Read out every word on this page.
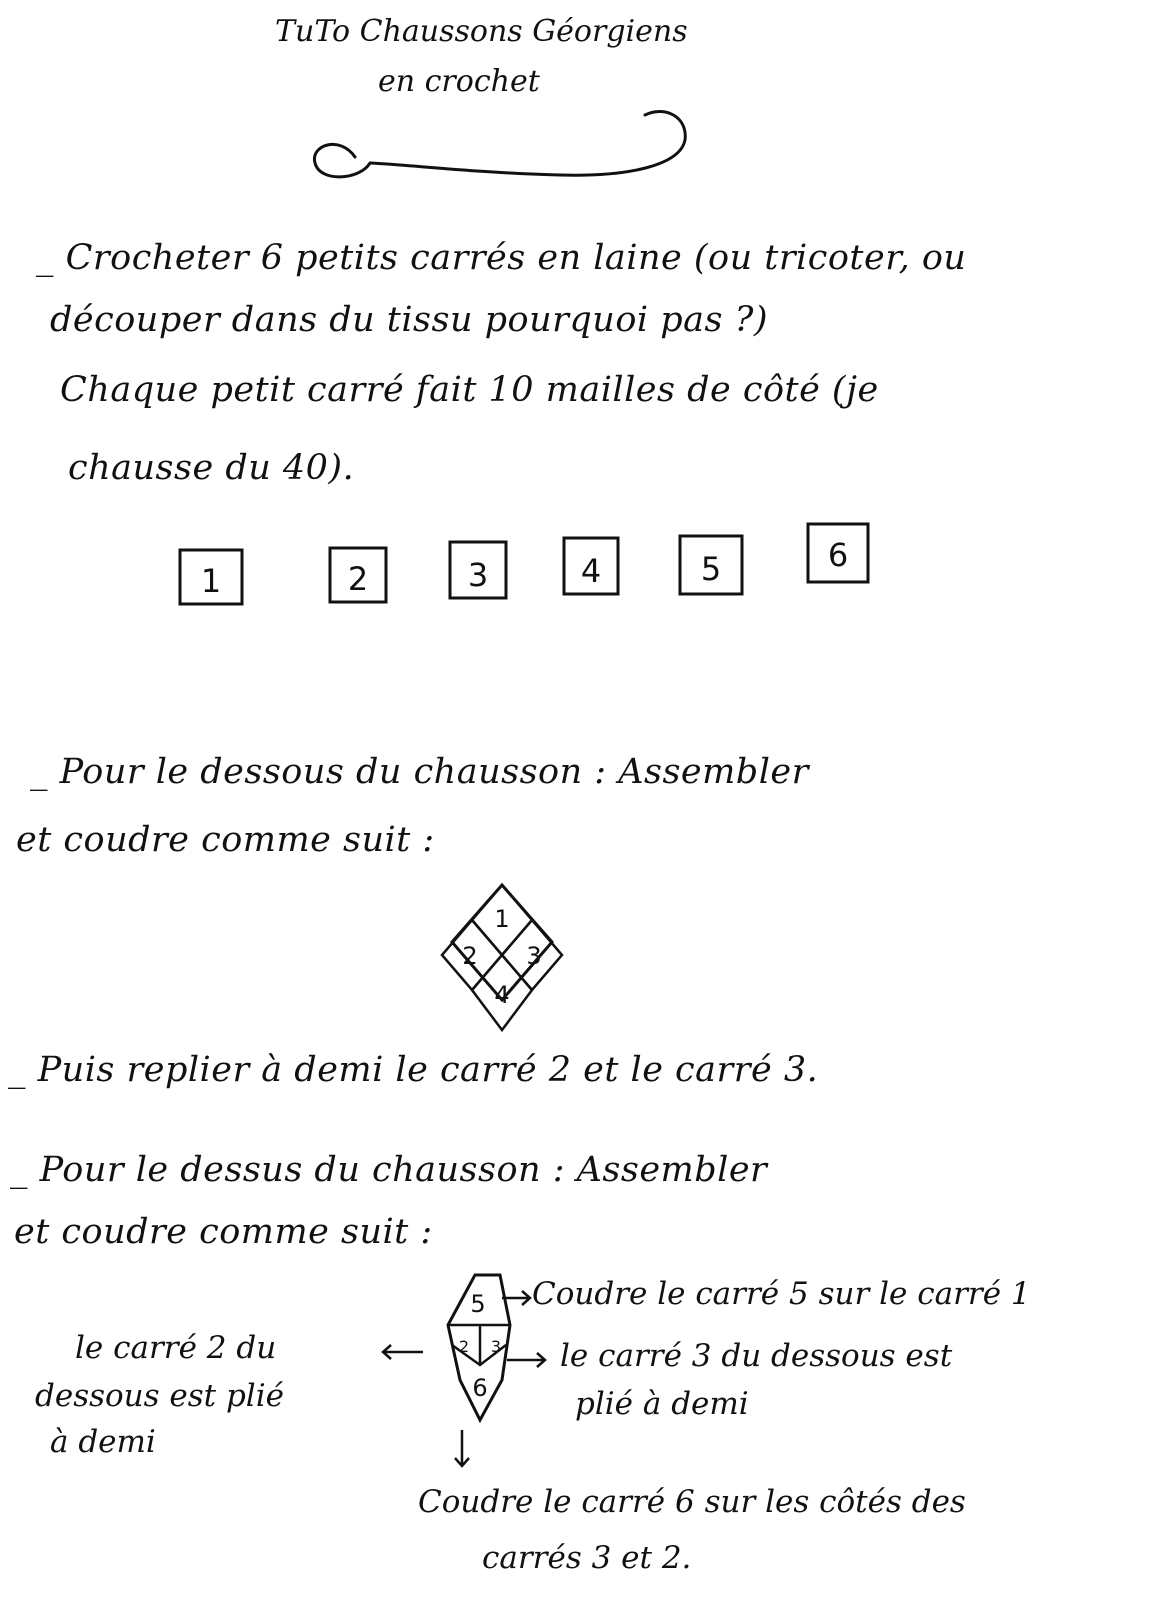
TuTo Chaussons Géorgiens
en crochet
_ Crocheter 6 petits carrés en laine (ou tricoter, ou
découper dans du tissu pourquoi pas ?)
Chaque petit carré fait 10 mailles de côté (je
chausse du 40).
1	2	3	4	5	6
_ Pour le dessous du chausson : Assembler
et coudre comme suit :
1
2 3
4
_ Puis replier à demi le carré 2 et le carré 3.
_ Pour le dessus du chausson : Assembler
et coudre comme suit :
5
2 3
6
Coudre le carré 5 sur le carré 1
le carré 3 du dessous est
plié à demi
le carré 2 du
dessous est plié
à demi
Coudre le carré 6 sur les côtés des
carrés 3 et 2.
